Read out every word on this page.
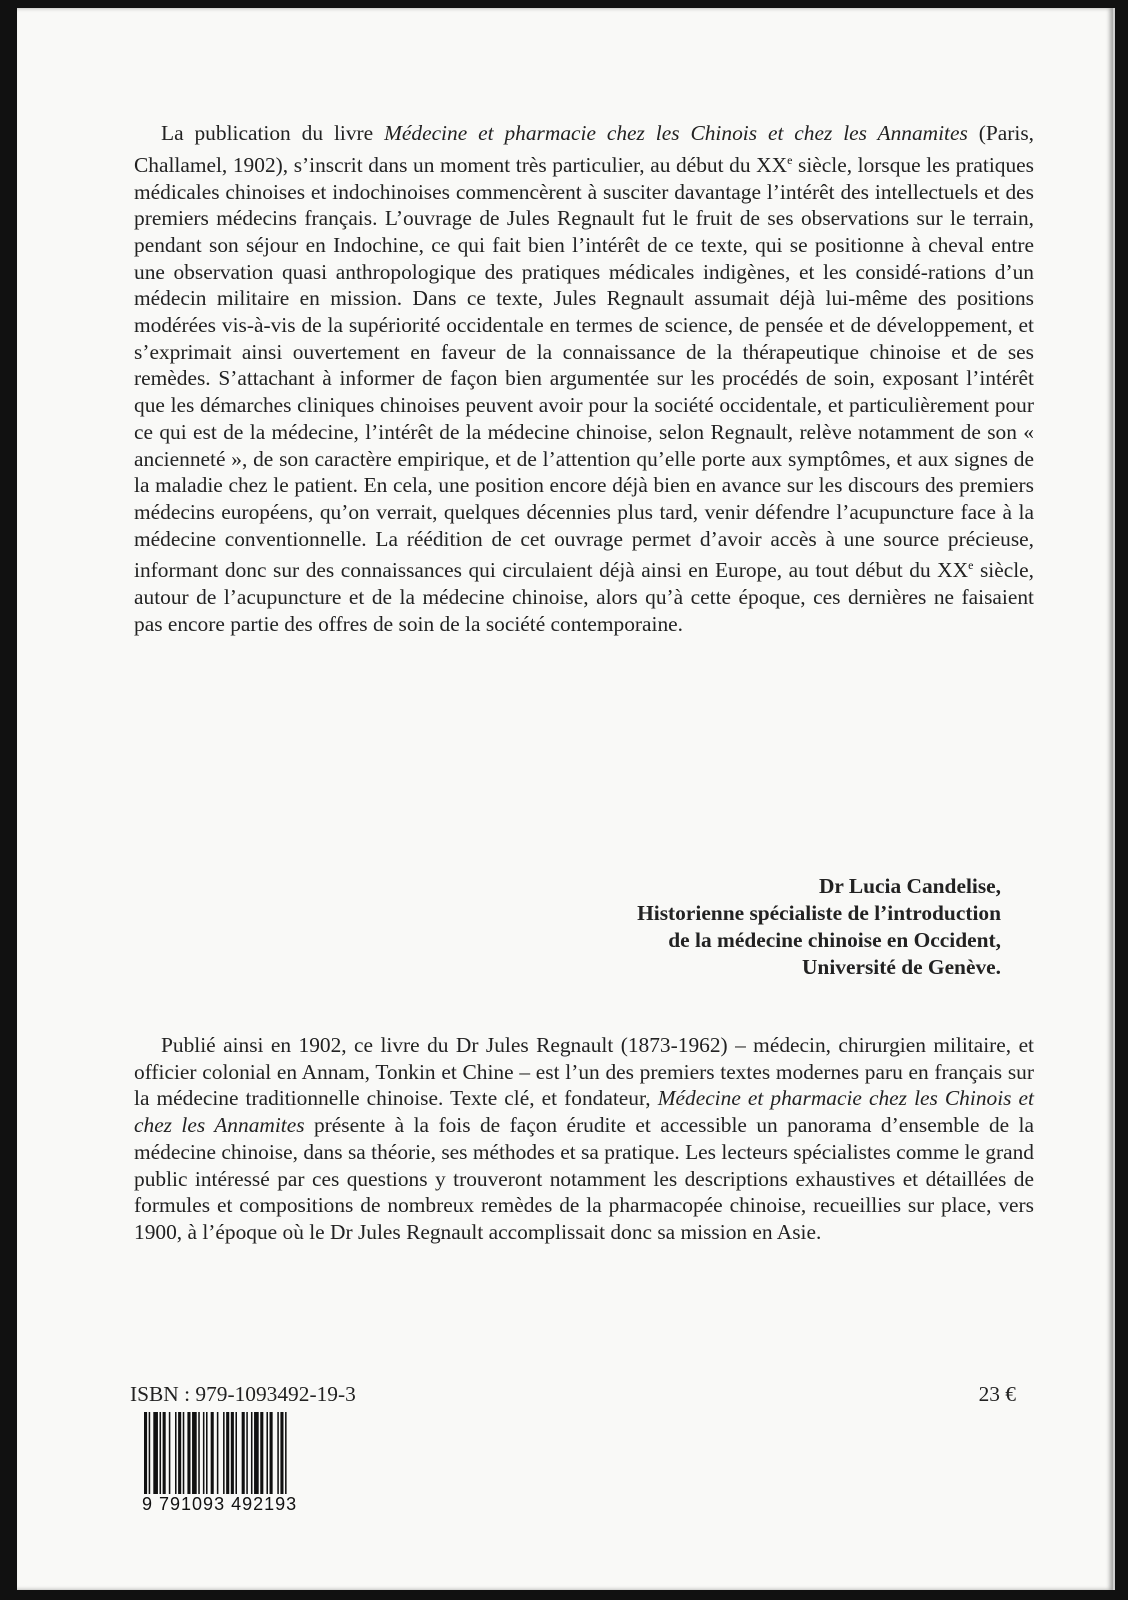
La publication du livre Médecine et pharmacie chez les Chinois et chez les Annamites (Paris, Challamel, 1902), s’inscrit dans un moment très particulier, au début du XXe siècle, lorsque les pratiques médicales chinoises et indochinoises commencèrent à susciter davantage l’intérêt des intellectuels et des premiers médecins français. L’ouvrage de Jules Regnault fut le fruit de ses observations sur le terrain, pendant son séjour en Indochine, ce qui fait bien l’intérêt de ce texte, qui se positionne à cheval entre une observation quasi anthropologique des pratiques médicales indigènes, et les considé-rations d’un médecin militaire en mission. Dans ce texte, Jules Regnault assumait déjà lui-même des positions modérées vis-à-vis de la supériorité occidentale en termes de science, de pensée et de développement, et s’exprimait ainsi ouvertement en faveur de la connaissance de la thérapeutique chinoise et de ses remèdes. S’attachant à informer de façon bien argumentée sur les procédés de soin, exposant l’intérêt que les démarches cliniques chinoises peuvent avoir pour la société occidentale, et particulièrement pour ce qui est de la médecine, l’intérêt de la médecine chinoise, selon Regnault, relève notamment de son « ancienneté », de son caractère empirique, et de l’attention qu’elle porte aux symptômes, et aux signes de la maladie chez le patient. En cela, une position encore déjà bien en avance sur les discours des premiers médecins européens, qu’on verrait, quelques décennies plus tard, venir défendre l’acupuncture face à la médecine conventionnelle. La réédition de cet ouvrage permet d’avoir accès à une source précieuse, informant donc sur des connaissances qui circulaient déjà ainsi en Europe, au tout début du XXe siècle, autour de l’acupuncture et de la médecine chinoise, alors qu’à cette époque, ces dernières ne faisaient pas encore partie des offres de soin de la société contemporaine.

Dr Lucia Candelise,
Historienne spécialiste de l’introduction
de la médecine chinoise en Occident,
Université de Genève.

Publié ainsi en 1902, ce livre du Dr Jules Regnault (1873-1962) – médecin, chirurgien militaire, et officier colonial en Annam, Tonkin et Chine – est l’un des premiers textes modernes paru en français sur la médecine traditionnelle chinoise. Texte clé, et fondateur, Médecine et pharmacie chez les Chinois et chez les Annamites présente à la fois de façon érudite et accessible un panorama d’ensemble de la médecine chinoise, dans sa théorie, ses méthodes et sa pratique. Les lecteurs spécialistes comme le grand public intéressé par ces questions y trouveront notamment les descriptions exhaustives et détaillées de formules et compositions de nombreux remèdes de la pharmacopée chinoise, recueillies sur place, vers 1900, à l’époque où le Dr Jules Regnault accomplissait donc sa mission en Asie.

ISBN : 979-1093492-19-3	23 €
9 791093 492193
